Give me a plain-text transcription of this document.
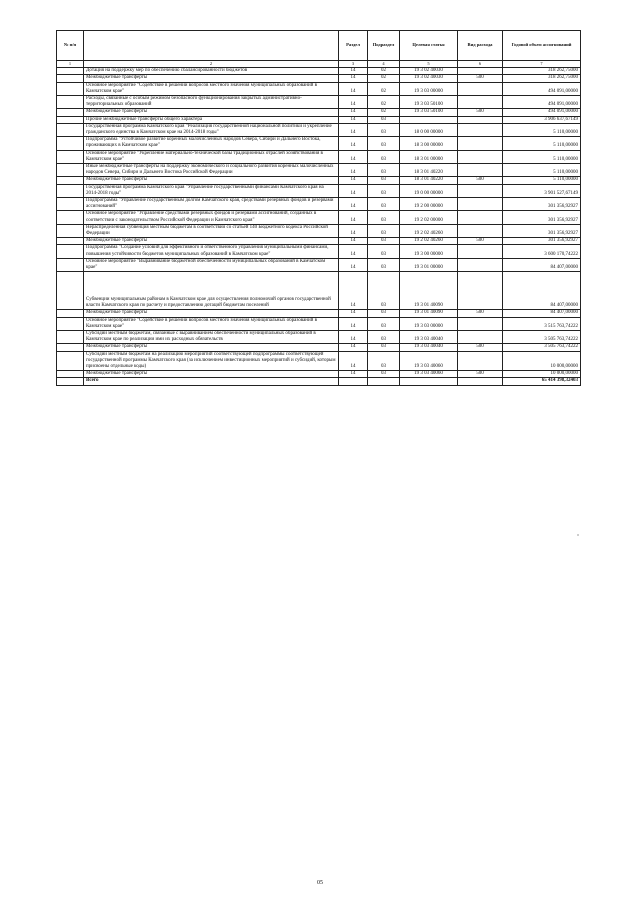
№ п/п		Раздел	Подраздел	Целевая статья	Вид расхода	Годовой объем ассигнований
1	2	3	4	5	6	7
	Дотация на поддержку мер по обеспечению сбалансированности бюджетов	14	02	19 3 02 40030		318 262,75000
	Межбюджетные трансферты	14	02	19 3 02 40030	500	318 262,75000
	Основное мероприятие "Содействие в решении вопросов местного значения муниципальных образований в Камчатском крае"	14	02	19 3 03 00000		494 091,00000
	Расходы, связанные с особым режимом безопасного функционирования закрытых административно-территориальных образований	14	02	19 3 03 50100		494 091,00000
	Межбюджетные трансферты	14	02	19 3 03 50100	500	494 091,00000
	Прочие межбюджетные трансферты общего характера	14	03			3 906 637,67149
	Государственная программа Камчатского края "Реализация государственной национальной политики и укрепление гражданского единства в Камчатском крае на 2014-2018 годы"	14	03	18 0 00 00000		5 110,00000
	Подпрограмма "Устойчивое развитие коренных малочисленных народов Севера, Сибири и Дальнего Востока, проживающих в Камчатском крае"	14	03	18 3 00 00000		5 110,00000
	Основное мероприятие "Укрепление материально-технической базы традиционных отраслей хозяйствования в Камчатском крае"	14	03	18 3 01 00000		5 110,00000
	Иные межбюджетные трансферты на поддержку экономического и социального развития коренных малочисленных народов Севера, Сибири и Дальнего Востока Российской Федерации	14	03	18 3 01 40220		5 110,00000
	Межбюджетные трансферты	14	03	18 3 01 40220	500	5 110,00000
	Государственная программа Камчатского края "Управление государственными финансами Камчатского края на 2014-2018 годы"	14	03	19 0 00 00000		3 901 527,67149
	Подпрограмма "Управление государственным долгом Камчатского края, средствами резервных фондов и резервами ассигнований"	14	03	19 2 00 00000		301 356,92927
	Основное мероприятие "Управление средствами резервных фондов и резервами ассигнований, созданных в соответствии с законодательством Российской Федерации и Камчатского края"	14	03	19 2 02 00000		301 356,92927
	Нераспределенная субвенция местным бюджетам в соответствии со статьей 140 Бюджетного кодекса Российской Федерации	14	03	19 2 02 40260		301 356,92927
	Межбюджетные трансферты	14	03	19 2 02 40260	500	301 356,92927
	Подпрограмма "Создание условий для эффективного и ответственного управления муниципальными финансами, повышения устойчивости бюджетов муниципальных образований в Камчатском крае"	14	03	19 3 00 00000		3 600 170,74222
	Основное мероприятие "Выравнивание бюджетной обеспеченности муниципальных образований в Камчатском крае"	14	03	19 3 01 00000		84 407,00000
	Субвенции муниципальным районам в Камчатском крае для осуществления полномочий органов государственной власти Камчатского края по расчету и предоставлению дотаций бюджетам поселений	14	03	19 3 01 40090		84 407,00000
	Межбюджетные трансферты	14	03	19 3 01 40090	500	84 407,00000
	Основное мероприятие "Содействие в решении вопросов местного значения муниципальных образований в Камчатском крае"	14	03	19 3 03 00000		3 515 763,74222
	Субсидии местным бюджетам, связанные с выравниванием обеспеченности муниципальных образований в Камчатском крае по реализации ими их расходных обязательств	14	03	19 3 03 40040		3 505 763,74222
	Межбюджетные трансферты	14	03	19 3 03 40040	500	3 505 763,74222
	Субсидии местным бюджетам на реализацию мероприятий соответствующей подпрограммы соответствующей государственной программы Камчатского края (за исключением инвестиционных мероприятий и субсидий, которым присвоены отдельные коды)	14	03	19 3 03 40060		10 000,00000
	Межбюджетные трансферты	14	03	19 3 03 40060	500	10 000,00000
	Всего					65 414 398,32403
"
05
